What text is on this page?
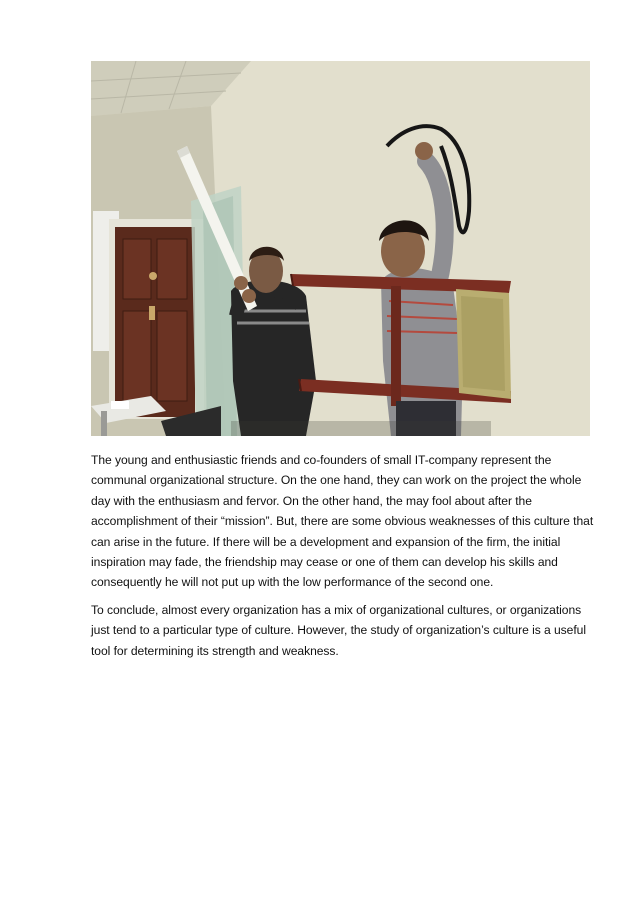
The young and enthusiastic friends and co-founders of small IT-company represent the communal organizational structure. On the one hand, they can work on the project the whole day with the enthusiasm and fervor. On the other hand, the may fool about after the accomplishment of their “mission”. But, there are some obvious weaknesses of this culture that can arise in the future. If there will be a development and expansion of the firm, the initial inspiration may fade, the friendship may cease or one of them can develop his skills and consequently he will not put up with the low performance of the second one.

To conclude, almost every organization has a mix of organizational cultures, or organizations just tend to a particular type of culture. However, the study of organization’s culture is a useful tool for determining its strength and weakness.
